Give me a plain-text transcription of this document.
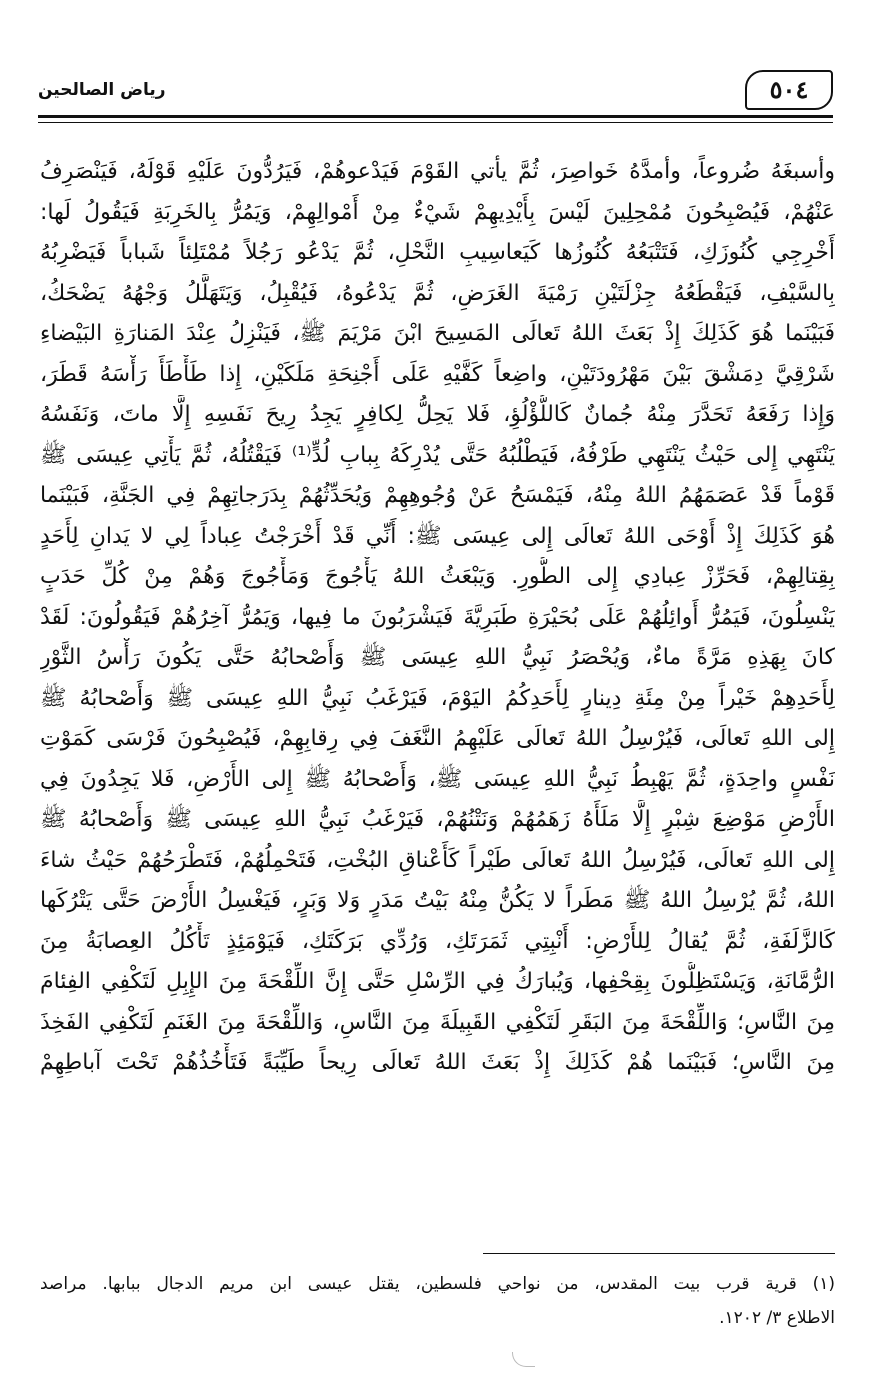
٥٠٤
رياض الصالحين
وأسبغَهُ ضُروعاً، وأمدَّهُ خَواصِرَ، ثُمَّ يأتي القَوْمَ فَيَدْعوهُمْ، فَيَرُدُّونَ عَلَيْهِ قَوْلَهُ، فَيَنْصَرِفُ
عَنْهُمْ، فَيُصْبِحُونَ مُمْحِلِينَ لَيْسَ بِأَيْدِيهِمْ شَيْءٌ مِنْ أَمْوالِهِمْ، وَيَمُرُّ بِالخَرِبَةِ فَيَقُولُ لَها:
أَخْرِجِي كُنُوزَكِ، فَتَتْبَعُهُ كُنُوزُها كَيَعاسِيبِ النَّحْلِ، ثُمَّ يَدْعُو رَجُلاً مُمْتَلِئاً شَباباً فَيَضْرِبُهُ
بِالسَّيْفِ، فَيَقْطَعُهُ جِزْلَتَيْنِ رَمْيَةَ الغَرَضِ، ثُمَّ يَدْعُوهُ، فَيُقْبِلُ، وَيَتَهَلَّلُ وَجْهُهُ يَضْحَكُ،
فَبَيْنَما هُوَ كَذَلِكَ إِذْ بَعَثَ اللهُ تَعالَى المَسِيحَ ابْنَ مَرْيَمَ ﷺ، فَيَنْزِلُ عِنْدَ المَنارَةِ البَيْضاءِ
شَرْقِيَّ دِمَشْقَ بَيْنَ مَهْرُودَتَيْنِ، واضِعاً كَفَّيْهِ عَلَى أَجْنِحَةِ مَلَكَيْنِ، إِذا طَأْطَأَ رَأْسَهُ قَطَرَ،
وَإِذا رَفَعَهُ تَحَدَّرَ مِنْهُ جُمانٌ كَاللُّؤْلُؤِ، فَلا يَحِلُّ لِكافِرٍ يَجِدُ رِيحَ نَفَسِهِ إِلَّا ماتَ، وَنَفَسُهُ
يَنْتَهِي إِلى حَيْثُ يَنْتَهِي طَرْفُهُ، فَيَطْلُبُهُ حَتَّى يُدْرِكَهُ بِبابِ لُدٍّ⁽¹⁾ فَيَقْتُلُهُ، ثُمَّ يَأْتِي عِيسَى ﷺ
قَوْماً قَدْ عَصَمَهُمُ اللهُ مِنْهُ، فَيَمْسَحُ عَنْ وُجُوهِهِمْ وَيُحَدِّثُهُمْ بِدَرَجاتِهِمْ فِي الجَنَّةِ، فَبَيْنَما
هُوَ كَذَلِكَ إِذْ أَوْحَى اللهُ تَعالَى إِلى عِيسَى ﷺ: أَنِّي قَدْ أَخْرَجْتُ عِباداً لِي لا يَدانِ لِأَحَدٍ
بِقِتالِهِمْ، فَحَرِّزْ عِبادِي إِلى الطُّورِ. وَيَبْعَثُ اللهُ يَأْجُوجَ وَمَأْجُوجَ وَهُمْ مِنْ كُلِّ حَدَبٍ
يَنْسِلُونَ، فَيَمُرُّ أَوائِلُهُمْ عَلَى بُحَيْرَةِ طَبَرِيَّةَ فَيَشْرَبُونَ ما فِيها، وَيَمُرُّ آخِرُهُمْ فَيَقُولُونَ: لَقَدْ
كانَ بِهَذِهِ مَرَّةً ماءٌ، وَيُحْصَرُ نَبِيُّ اللهِ عِيسَى ﷺ وَأَصْحابُهُ حَتَّى يَكُونَ رَأْسُ الثَّوْرِ
لِأَحَدِهِمْ خَيْراً مِنْ مِئَةِ دِينارٍ لِأَحَدِكُمُ اليَوْمَ، فَيَرْغَبُ نَبِيُّ اللهِ عِيسَى ﷺ وَأَصْحابُهُ ﷺ
إِلى اللهِ تَعالَى، فَيُرْسِلُ اللهُ تَعالَى عَلَيْهِمُ النَّغَفَ فِي رِقابِهِمْ، فَيُصْبِحُونَ فَرْسَى كَمَوْتِ
نَفْسٍ واحِدَةٍ، ثُمَّ يَهْبِطُ نَبِيُّ اللهِ عِيسَى ﷺ، وَأَصْحابُهُ ﷺ إِلى الأَرْضِ، فَلا يَجِدُونَ فِي
الأَرْضِ مَوْضِعَ شِبْرٍ إِلَّا مَلَأَهُ زَهَمُهُمْ وَنَتْنُهُمْ، فَيَرْغَبُ نَبِيُّ اللهِ عِيسَى ﷺ وَأَصْحابُهُ ﷺ
إِلى اللهِ تَعالَى، فَيُرْسِلُ اللهُ تَعالَى طَيْراً كَأَعْناقِ البُخْتِ، فَتَحْمِلُهُمْ، فَتَطْرَحُهُمْ حَيْثُ شاءَ
اللهُ، ثُمَّ يُرْسِلُ اللهُ ﷺ مَطَراً لا يَكُنُّ مِنْهُ بَيْتُ مَدَرٍ وَلا وَبَرٍ، فَيَغْسِلُ الأَرْضَ حَتَّى يَتْرُكَها
كَالزَّلَفَةِ، ثُمَّ يُقالُ لِلأَرْضِ: أَنْبِتِي ثَمَرَتَكِ، وَرُدِّي بَرَكَتَكِ، فَيَوْمَئِذٍ تَأْكُلُ العِصابَةُ مِنَ
الرُّمَّانَةِ، وَيَسْتَظِلُّونَ بِقِحْفِها، وَيُبارَكُ فِي الرِّسْلِ حَتَّى إِنَّ اللِّقْحَةَ مِنَ الإِبِلِ لَتَكْفِي الفِئامَ
مِنَ النَّاسِ؛ وَاللِّقْحَةَ مِنَ البَقَرِ لَتَكْفِي القَبِيلَةَ مِنَ النَّاسِ، وَاللِّقْحَةَ مِنَ الغَنَمِ لَتَكْفِي الفَخِذَ
مِنَ النَّاسِ؛ فَبَيْنَما هُمْ كَذَلِكَ إِذْ بَعَثَ اللهُ تَعالَى رِيحاً طَيِّبَةً فَتَأْخُذُهُمْ تَحْتَ آباطِهِمْ
(١) قرية قرب بيت المقدس، من نواحي فلسطين، يقتل عيسى ابن مريم الدجال ببابها. مراصد
الاطلاع ٣/ ١٢٠٢.
